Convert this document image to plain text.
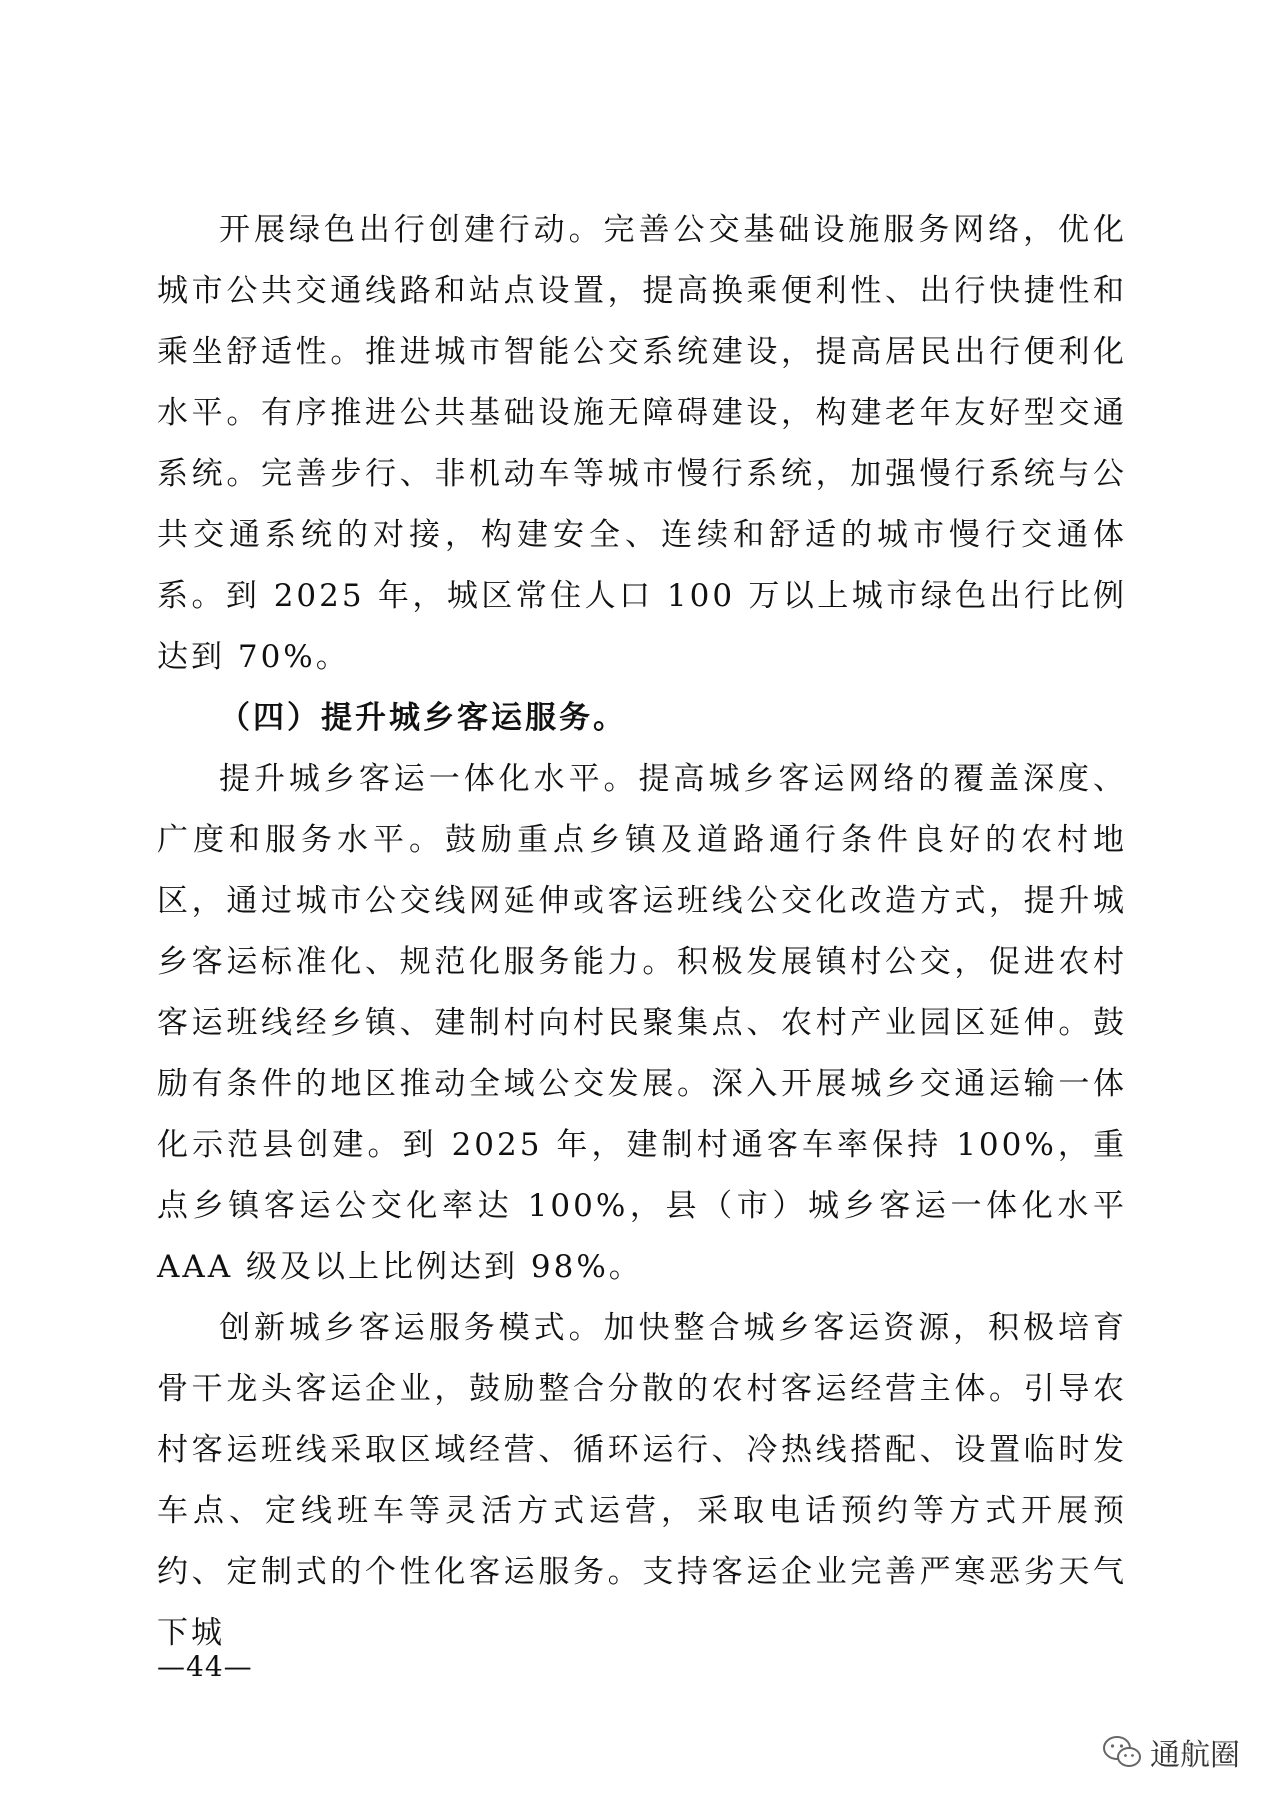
开展绿色出行创建行动。完善公交基础设施服务网络，优化城市公共交通线路和站点设置，提高换乘便利性、出行快捷性和乘坐舒适性。推进城市智能公交系统建设，提高居民出行便利化水平。有序推进公共基础设施无障碍建设，构建老年友好型交通系统。完善步行、非机动车等城市慢行系统，加强慢行系统与公共交通系统的对接，构建安全、连续和舒适的城市慢行交通体系。到 2025 年，城区常住人口 100 万以上城市绿色出行比例达到 70%。

（四）提升城乡客运服务。

提升城乡客运一体化水平。提高城乡客运网络的覆盖深度、广度和服务水平。鼓励重点乡镇及道路通行条件良好的农村地区，通过城市公交线网延伸或客运班线公交化改造方式，提升城乡客运标准化、规范化服务能力。积极发展镇村公交，促进农村客运班线经乡镇、建制村向村民聚集点、农村产业园区延伸。鼓励有条件的地区推动全域公交发展。深入开展城乡交通运输一体化示范县创建。到 2025 年，建制村通客车率保持 100%，重点乡镇客运公交化率达 100%，县（市）城乡客运一体化水平 AAA 级及以上比例达到 98%。

创新城乡客运服务模式。加快整合城乡客运资源，积极培育骨干龙头客运企业，鼓励整合分散的农村客运经营主体。引导农村客运班线采取区域经营、循环运行、冷热线搭配、设置临时发车点、定线班车等灵活方式运营，采取电话预约等方式开展预约、定制式的个性化客运服务。支持客运企业完善严寒恶劣天气下城

—44—
通航圈
